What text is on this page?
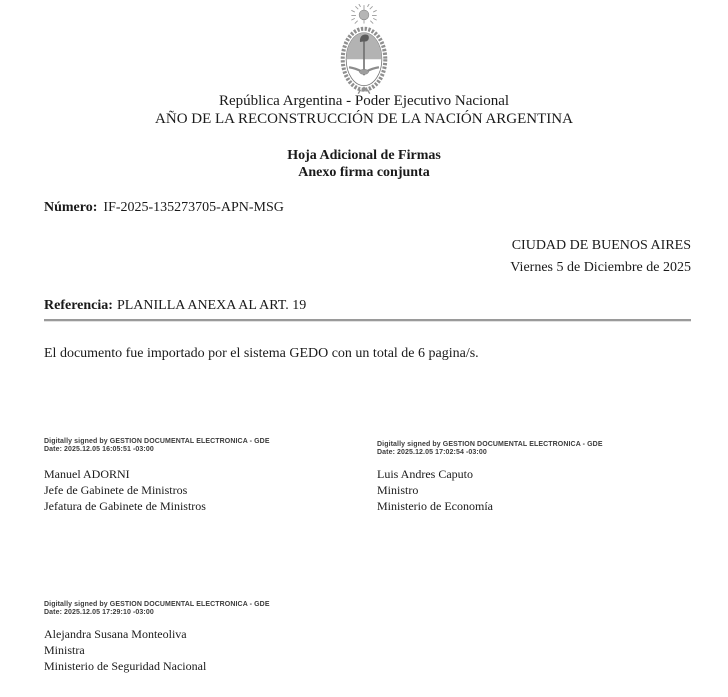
República Argentina - Poder Ejecutivo Nacional
AÑO DE LA RECONSTRUCCIÓN DE LA NACIÓN ARGENTINA
Hoja Adicional de Firmas
Anexo firma conjunta
Número: IF-2025-135273705-APN-MSG
CIUDAD DE BUENOS AIRES
Viernes 5 de Diciembre de 2025
Referencia: PLANILLA ANEXA AL ART. 19
El documento fue importado por el sistema GEDO con un total de 6 pagina/s.
Digitally signed by GESTION DOCUMENTAL ELECTRONICA - GDE
Date: 2025.12.05 16:05:51 -03:00
Manuel ADORNI
Jefe de Gabinete de Ministros
Jefatura de Gabinete de Ministros
Digitally signed by GESTION DOCUMENTAL ELECTRONICA - GDE
Date: 2025.12.05 17:02:54 -03:00
Luis Andres Caputo
Ministro
Ministerio de Economía
Digitally signed by GESTION DOCUMENTAL ELECTRONICA - GDE
Date: 2025.12.05 17:29:10 -03:00
Alejandra Susana Monteoliva
Ministra
Ministerio de Seguridad Nacional
